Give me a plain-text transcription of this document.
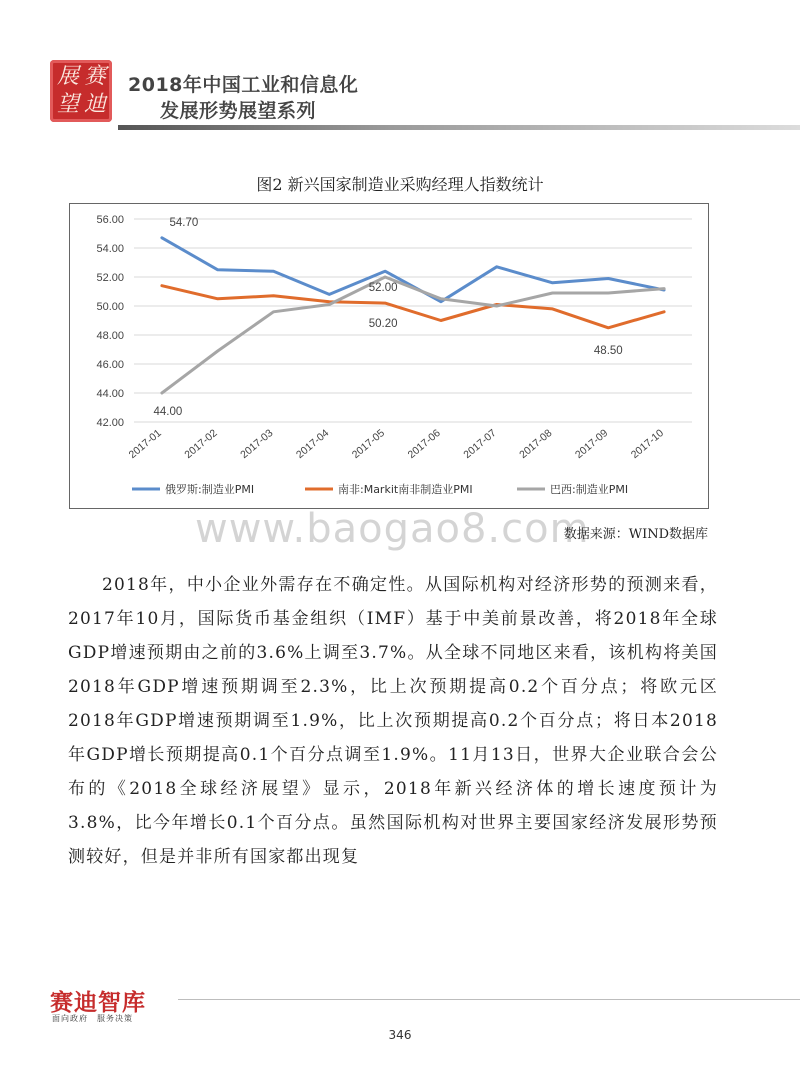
展 赛
望 迪
2018年中国工业和信息化
发展形势展望系列
图2 新兴国家制造业采购经理人指数统计
42.00
44.00
46.00
48.00
50.00
52.00
54.00
56.00
2017-01 2017-02 2017-03 2017-04 2017-05 2017-06 2017-07 2017-08 2017-09 2017-10
54.70
52.00
50.20
48.50
44.00
俄罗斯:制造业PMI	南非:Markit南非制造业PMI	巴西:制造业PMI
www.baogao8.com
数据来源：WIND数据库
2018年，中小企业外需存在不确定性。从国际机构对经济形势的预测来看，2017年10月，国际货币基金组织（IMF）基于中美前景改善，将2018年全球GDP增速预期由之前的3.6%上调至3.7%。从全球不同地区来看，该机构将美国2018年GDP增速预期调至2.3%，比上次预期提高0.2个百分点；将欧元区2018年GDP增速预期调至1.9%，比上次预期提高0.2个百分点；将日本2018年GDP增长预期提高0.1个百分点调至1.9%。11月13日，世界大企业联合会公布的《2018全球经济展望》显示，2018年新兴经济体的增长速度预计为3.8%，比今年增长0.1个百分点。虽然国际机构对世界主要国家经济发展形势预测较好，但是并非所有国家都出现复
赛迪智库
面向政府　服务决策
346
